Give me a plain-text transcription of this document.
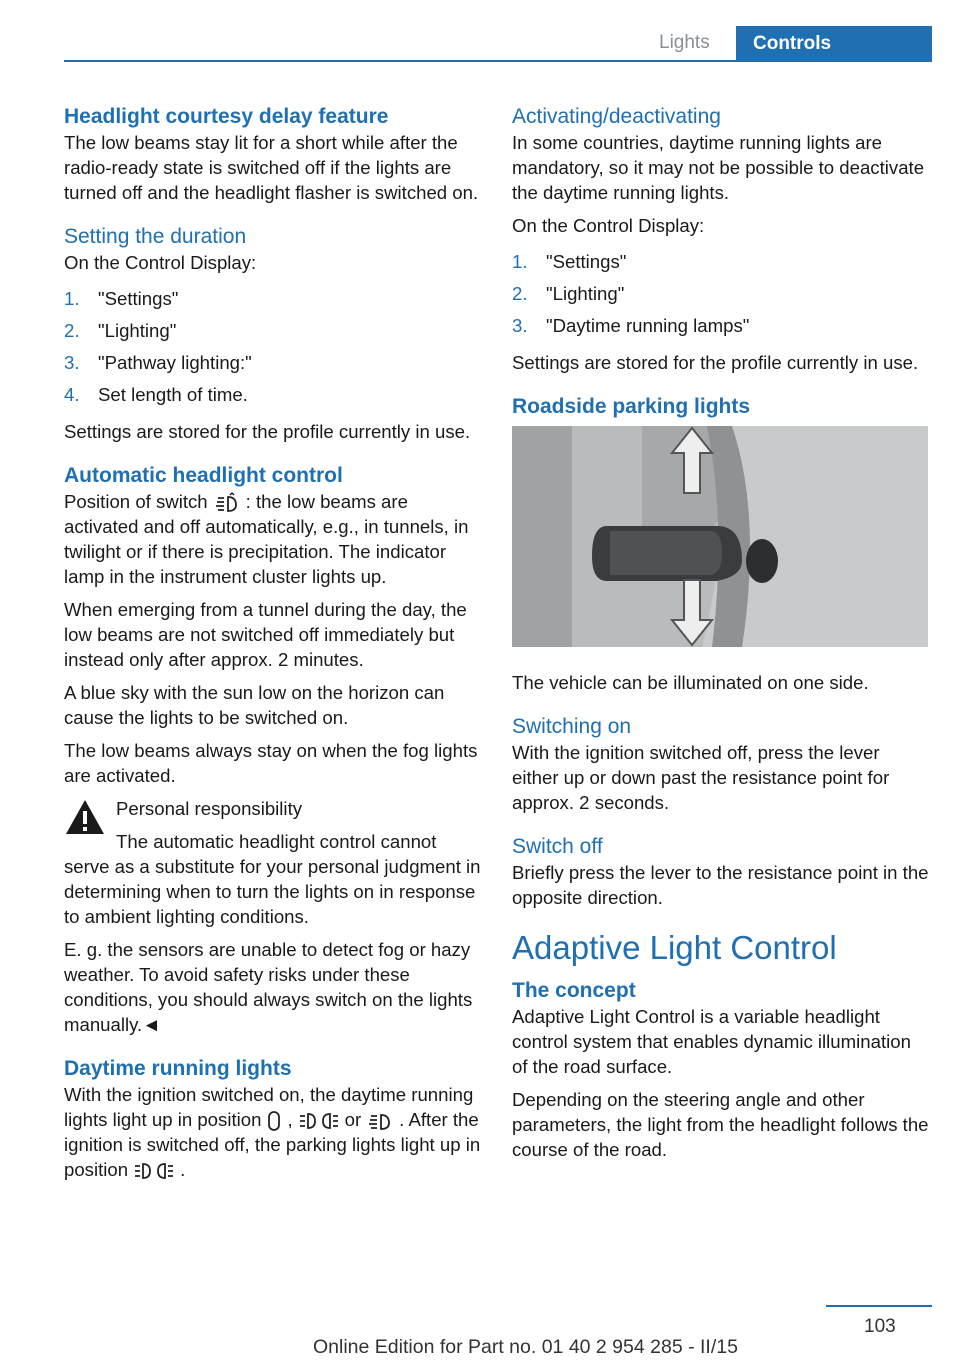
Lights	Controls
Headlight courtesy delay feature

The low beams stay lit for a short while after the radio-ready state is switched off if the lights are turned off and the headlight flasher is switched on.

Setting the duration

On the Control Display:

1. "Settings"
2. "Lighting"
3. "Pathway lighting:"
4. Set length of time.

Settings are stored for the profile currently in use.

Automatic headlight control

Position of switch : the low beams are activated and off automatically, e.g., in tunnels, in twilight or if there is precipitation. The indicator lamp in the instrument cluster lights up.

When emerging from a tunnel during the day, the low beams are not switched off immediately but instead only after approx. 2 minutes.

A blue sky with the sun low on the horizon can cause the lights to be switched on.

The low beams always stay on when the fog lights are activated.

Personal responsibility

The automatic headlight control cannot serve as a substitute for your personal judgment in determining when to turn the lights on in response to ambient lighting conditions.

E. g. the sensors are unable to detect fog or hazy weather. To avoid safety risks under these conditions, you should always switch on the lights manually.◄

Daytime running lights

With the ignition switched on, the daytime running lights light up in position ,	or . After the ignition is switched off, the parking lights light up in position	.

Activating/deactivating

In some countries, daytime running lights are mandatory, so it may not be possible to deactivate the daytime running lights.

On the Control Display:

1. "Settings"
2. "Lighting"
3. "Daytime running lamps"

Settings are stored for the profile currently in use.

Roadside parking lights

The vehicle can be illuminated on one side.

Switching on

With the ignition switched off, press the lever either up or down past the resistance point for approx. 2 seconds.

Switch off

Briefly press the lever to the resistance point in the opposite direction.

Adaptive Light Control
The concept

Adaptive Light Control is a variable headlight control system that enables dynamic illumination of the road surface.

Depending on the steering angle and other parameters, the light from the headlight follows the course of the road.

103
Online Edition for Part no. 01 40 2 954 285 - II/15
